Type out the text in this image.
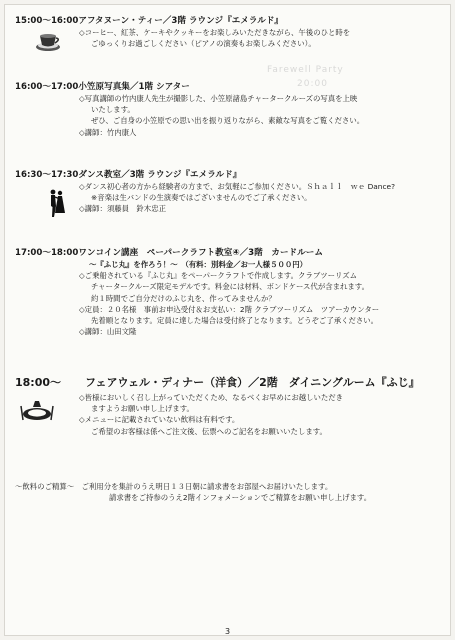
Farewell Party
20:00
15:00〜16:00アフタヌーン・ティー／3階 ラウンジ『エメラルド』
◇コーヒー、紅茶、ケーキやクッキーをお楽しみいただきながら、午後のひと時を
ごゆっくりお過ごしください（ピアノの演奏もお楽しみください）。
16:00〜17:00小笠原写真集／1階 シアター
◇写真講師の竹内康人先生が撮影した、小笠原諸島チャータークルーズの写真を上映
いたします。
ぜひ、ご自身の小笠原での思い出を振り返りながら、素敵な写真をご覧ください。
◇講師：竹内康人
16:30〜17:30ダンス教室／3階 ラウンジ『エメラルド』
◇ダンス初心者の方から経験者の方まで、お気軽にご参加ください。Ｓｈａｌｌ　ｗｅ Dance?
※音楽は生バンドの生演奏ではございませんのでご了承ください。
◇講師：須藤員　鈴木忠正
17:00〜18:00ワンコイン講座　ペーパークラフト教室④／3階　カードルーム
〜『ふじ丸』を作ろう！〜　（有料：別料金／お一人様５００円）
◇ご乗船されている『ふじ丸』をペーパークラフトで作成します。クラブツーリズム
チャータークルーズ限定モデルです。料金には材料、ボンドケース代が含まれます。
約１時間でご自分だけのふじ丸を、作ってみませんか？
◇定員：２０名様　事前お申込受付＆お支払い：2階 クラブツーリズム　ツアーカウンター
先着順となります。定員に達した場合は受付終了となります。どうぞご了承ください。
◇講師：山田文隆
18:00〜 フェアウェル・ディナー（洋食）／2階　ダイニングルーム『ふじ』
◇皆様においしく召し上がっていただくため、なるべくお早めにお越しいただき
ますようお願い申し上げます。
◇メニューに記載されていない飲料は有料です。
ご希望のお客様は係へご注文後、伝票へのご記名をお願いいたします。
〜飲料のご精算〜　ご利用分を集計のうえ明日１３日朝に請求書をお部屋へお届けいたします。
請求書をご持参のうえ2階インフォメーションでご精算をお願い申し上げます。
3
